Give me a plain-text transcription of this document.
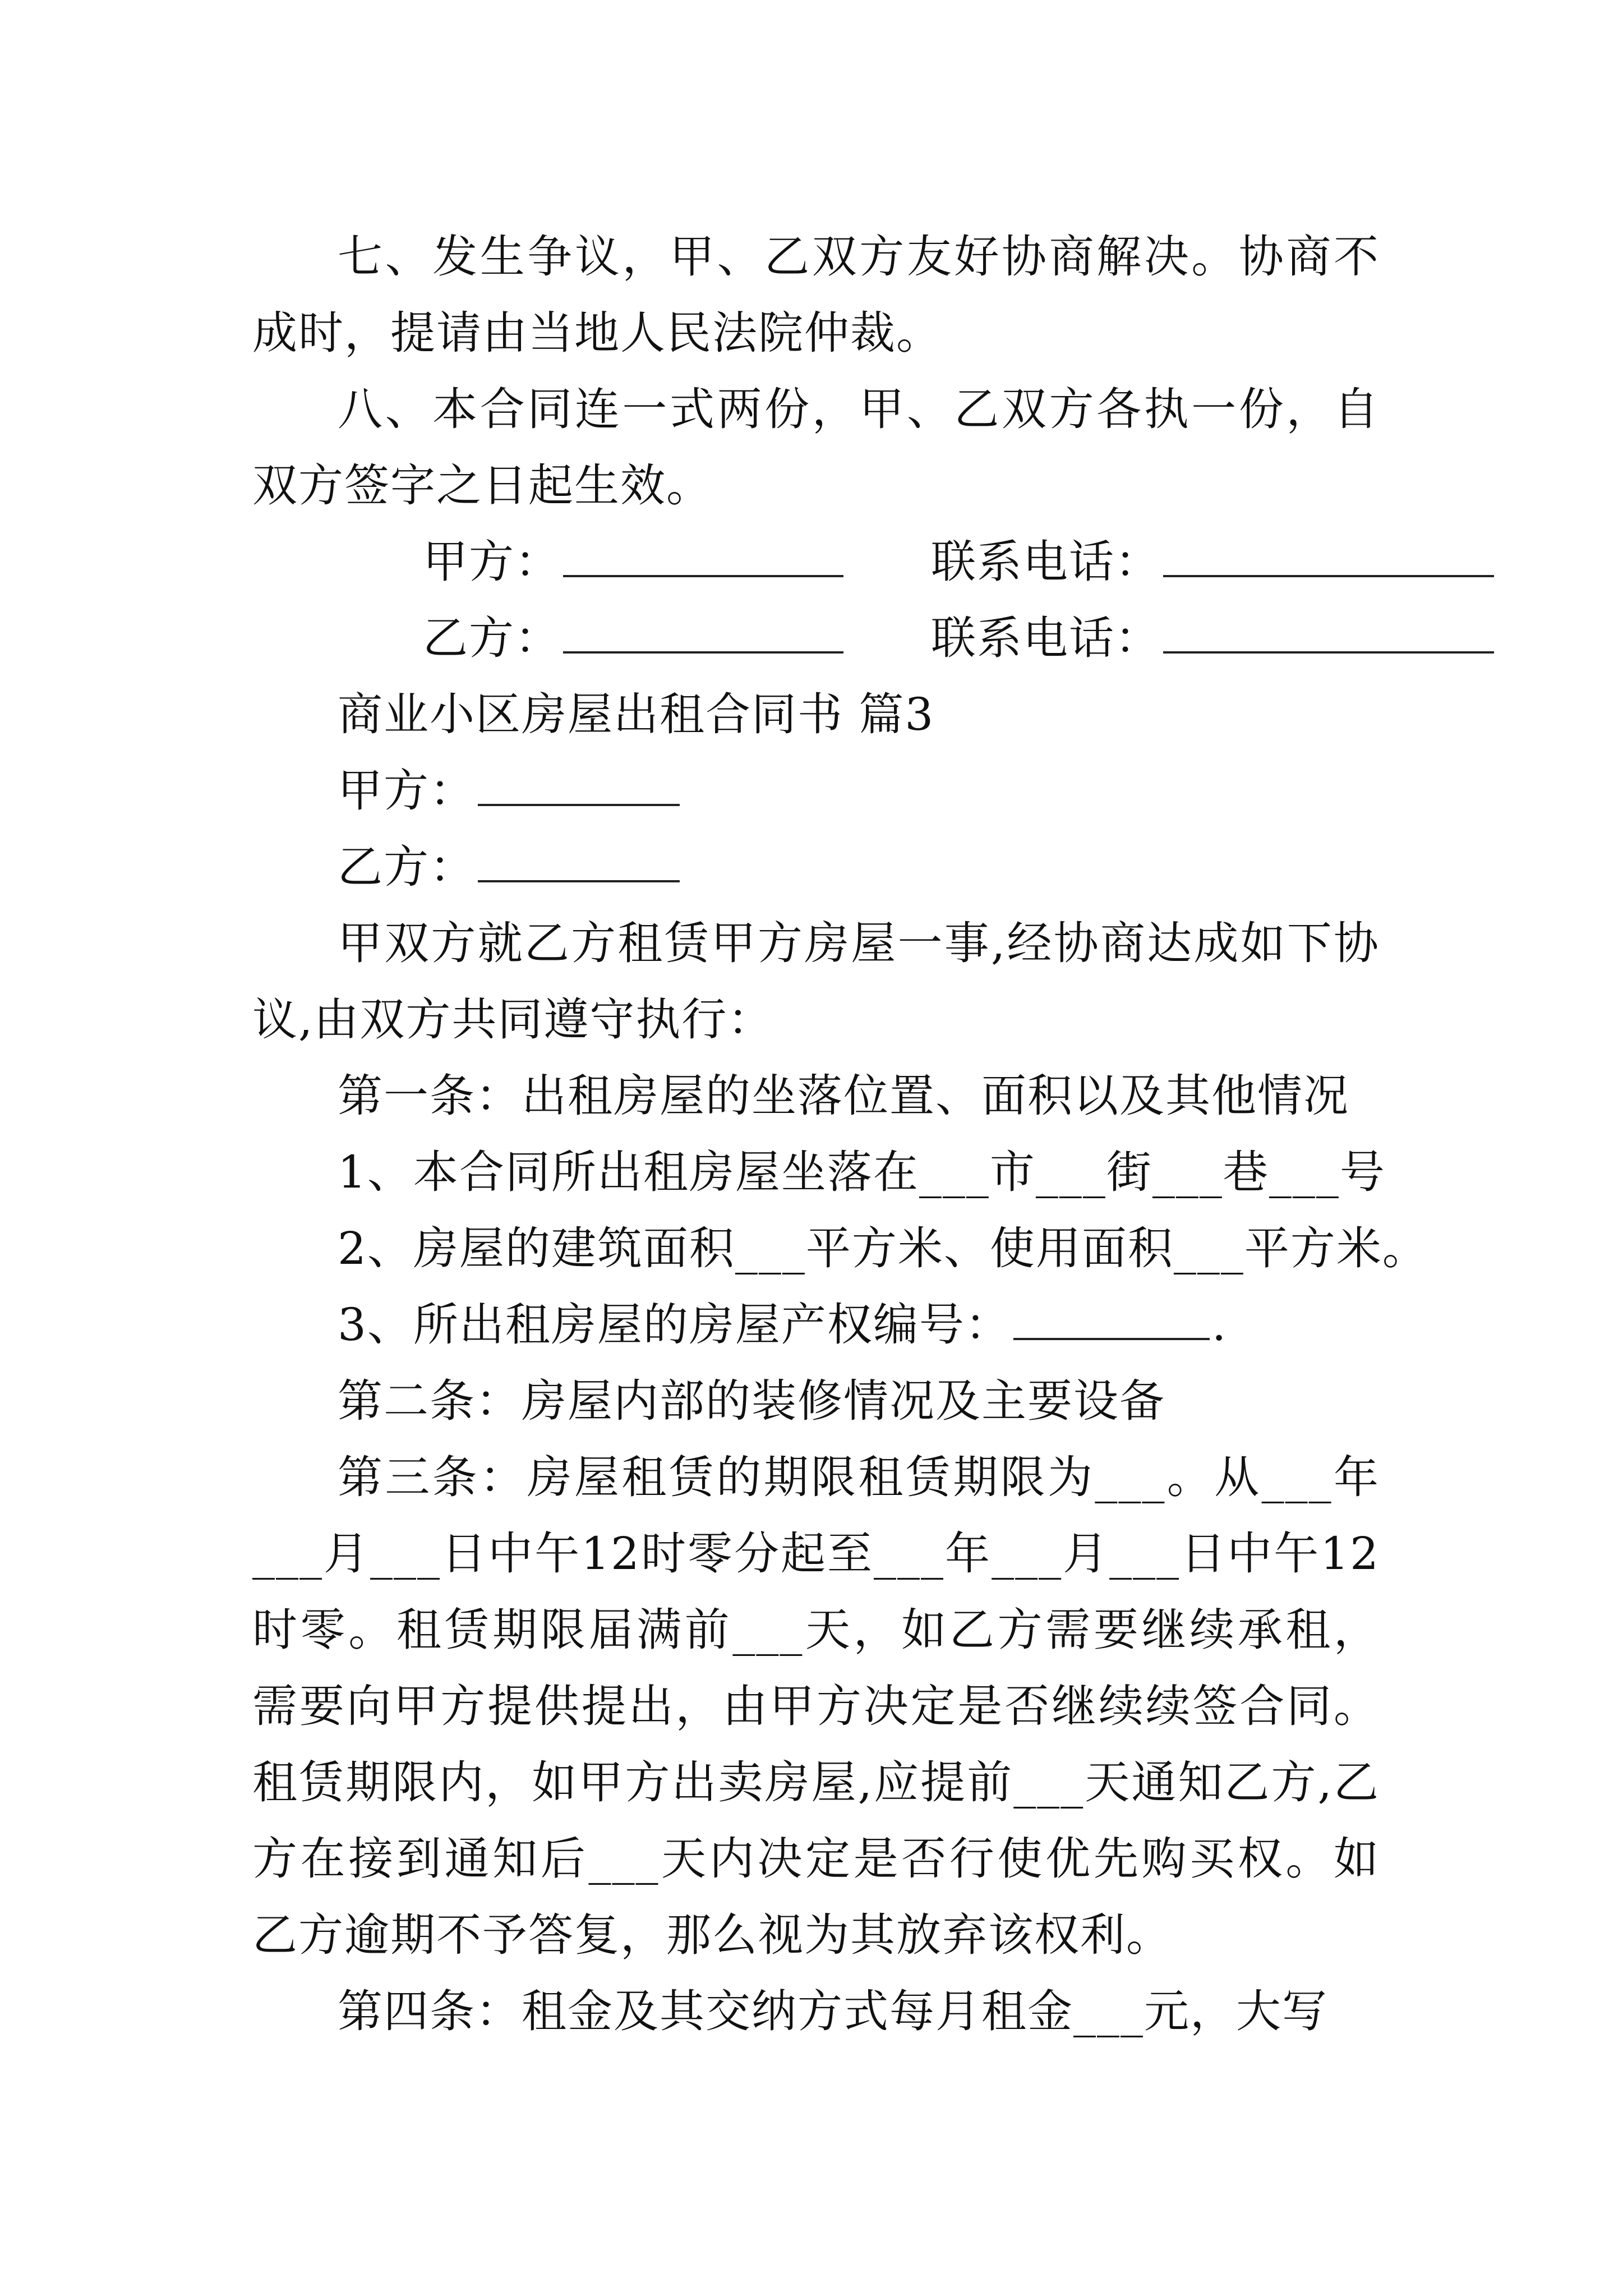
七、发生争议，甲、乙双方友好协商解决。协商不成时，提请由当地人民法院仲裁。

八、本合同连一式两份，甲、乙双方各执一份，自双方签字之日起生效。

甲方：	联系电话：

乙方：	联系电话：

商业小区房屋出租合同书 篇3

甲方：

乙方：

甲双方就乙方租赁甲方房屋一事,经协商达成如下协议,由双方共同遵守执行：

第一条：出租房屋的坐落位置、面积以及其他情况

1、本合同所出租房屋坐落在___市___街___巷___号

2、房屋的建筑面积___平方米、使用面积___平方米。

3、所出租房屋的房屋产权编号：	.

第二条：房屋内部的装修情况及主要设备

第三条：房屋租赁的期限租赁期限为___。从___年___月___日中午12时零分起至___年___月___日中午12时零。租赁期限届满前___天，如乙方需要继续承租，需要向甲方提供提出，由甲方决定是否继续续签合同。租赁期限内，如甲方出卖房屋,应提前___天通知乙方,乙方在接到通知后___天内决定是否行使优先购买权。如乙方逾期不予答复，那么视为其放弃该权利。

第四条：租金及其交纳方式每月租金___元，大写
